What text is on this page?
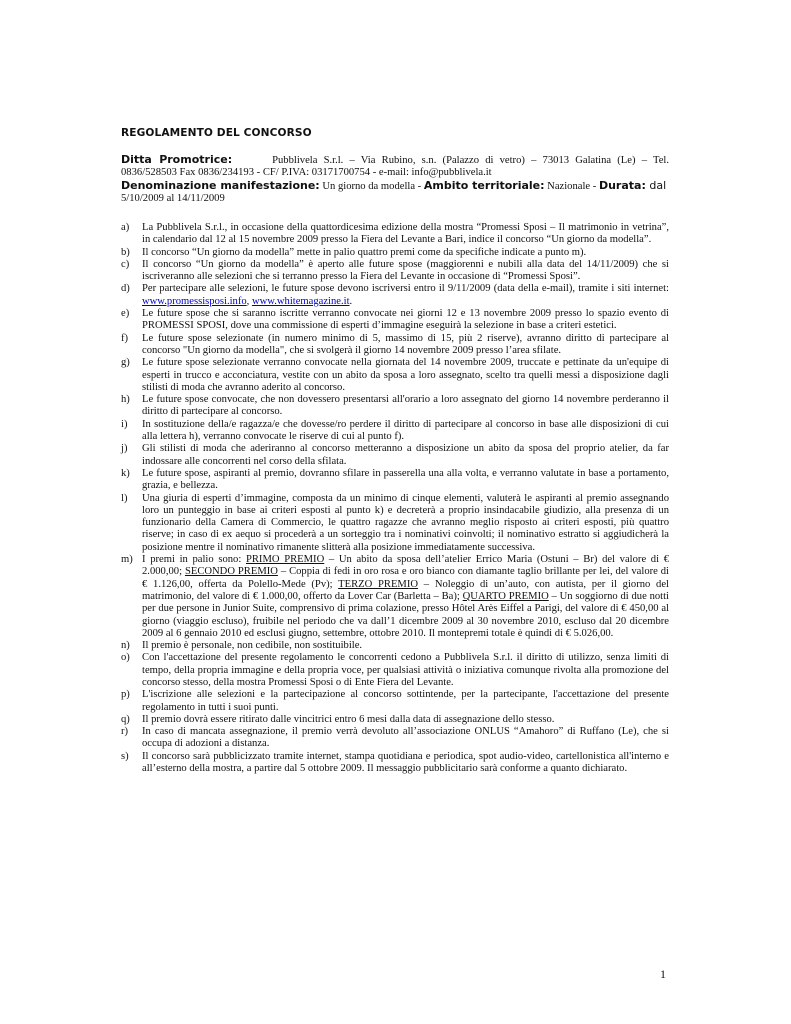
REGOLAMENTO DEL CONCORSO

Ditta Promotrice:	Pubblivela S.r.l. – Via Rubino, s.n. (Palazzo di vetro) – 73013 Galatina (Le) – Tel. 0836/528503 Fax 0836/234193 - CF/ P.IVA: 03171700754 - e-mail: info@pubblivela.it

Denominazione manifestazione: Un giorno da modella - Ambito territoriale: Nazionale - Durata: dal
5/10/2009 al 14/11/2009

a)	La Pubblivela S.r.l., in occasione della quattordicesima edizione della mostra “Promessi Sposi – Il matrimonio in vetrina”, in calendario dal 12 al 15 novembre 2009 presso la Fiera del Levante a Bari, indice il concorso “Un giorno da modella”.
b)	Il concorso “Un giorno da modella” mette in palio quattro premi come da specifiche indicate a punto m).
c)	Il concorso “Un giorno da modella” è aperto alle future spose (maggiorenni e nubili alla data del 14/11/2009) che si iscriveranno alle selezioni che si terranno presso la Fiera del Levante in occasione di “Promessi Sposi”.
d)	Per partecipare alle selezioni, le future spose devono iscriversi entro il 9/11/2009 (data della e-mail), tramite i siti internet: www.promessisposi.info, www.whitemagazine.it.
e)	Le future spose che si saranno iscritte verranno convocate nei giorni 12 e 13 novembre 2009 presso lo spazio evento di PROMESSI SPOSI, dove una commissione di esperti d’immagine eseguirà la selezione in base a criteri estetici.
f)	Le future spose selezionate (in numero minimo di 5, massimo di 15, più 2 riserve), avranno diritto di partecipare al concorso "Un giorno da modella", che si svolgerà il giorno 14 novembre 2009 presso l’area sfilate.
g)	Le future spose selezionate verranno convocate nella giornata del 14 novembre 2009, truccate e pettinate da un'equipe di esperti in trucco e acconciatura, vestite con un abito da sposa a loro assegnato, scelto tra quelli messi a disposizione dagli stilisti di moda che avranno aderito al concorso.
h)	Le future spose convocate, che non dovessero presentarsi all'orario a loro assegnato del giorno 14 novembre perderanno il diritto di partecipare al concorso.
i)	In sostituzione della/e ragazza/e che dovesse/ro perdere il diritto di partecipare al concorso in base alle disposizioni di cui alla lettera h), verranno convocate le riserve di cui al punto f).
j)	Gli stilisti di moda che aderiranno al concorso metteranno a disposizione un abito da sposa del proprio atelier, da far indossare alle concorrenti nel corso della sfilata.
k)	Le future spose, aspiranti al premio, dovranno sfilare in passerella una alla volta, e verranno valutate in base a portamento, grazia, e bellezza.
l)	Una giuria di esperti d’immagine, composta da un minimo di cinque elementi, valuterà le aspiranti al premio assegnando loro un punteggio in base ai criteri esposti al punto k) e decreterà a proprio insindacabile giudizio, alla presenza di un funzionario della Camera di Commercio, le quattro ragazze che avranno meglio risposto ai criteri esposti, più quattro riserve; in caso di ex aequo si procederà a un sorteggio tra i nominativi coinvolti; il nominativo estratto si aggiudicherà la posizione mentre il nominativo rimanente slitterà alla posizione immediatamente successiva.
m) I premi in palio sono: PRIMO PREMIO – Un abito da sposa dell’atelier Errico Maria (Ostuni – Br) del valore di € 2.000,00; SECONDO PREMIO – Coppia di fedi in oro rosa e oro bianco con diamante taglio brillante per lei, del valore di € 1.126,00, offerta da Polello-Mede (Pv); TERZO PREMIO – Noleggio di un’auto, con autista, per il giorno del matrimonio, del valore di € 1.000,00, offerto da Lover Car (Barletta – Ba); QUARTO PREMIO – Un soggiorno di due notti per due persone in Junior Suite, comprensivo di prima colazione, presso Hôtel Arès Eiffel a Parigi, del valore di € 450,00 al giorno (viaggio escluso), fruibile nel periodo che va dall’1 dicembre 2009 al 30 novembre 2010, escluso dal 20 dicembre 2009 al 6 gennaio 2010 ed esclusi giugno, settembre, ottobre 2010. Il montepremi totale è quindi di € 5.026,00.
n)	Il premio è personale, non cedibile, non sostituibile.
o)	Con l'accettazione del presente regolamento le concorrenti cedono a Pubblivela S.r.l. il diritto di utilizzo, senza limiti di tempo, della propria immagine e della propria voce, per qualsiasi attività o iniziativa comunque rivolta alla promozione del concorso stesso, della mostra Promessi Sposi o di Ente Fiera del Levante.
p)	L'iscrizione alle selezioni e la partecipazione al concorso sottintende, per la partecipante, l'accettazione del presente regolamento in tutti i suoi punti.
q)	Il premio dovrà essere ritirato dalle vincitrici entro 6 mesi dalla data di assegnazione dello stesso.
r)	In caso di mancata assegnazione, il premio verrà devoluto all’associazione ONLUS “Amahoro” di Ruffano (Le), che si occupa di adozioni a distanza.
s)	Il concorso sarà pubblicizzato tramite internet, stampa quotidiana e periodica, spot audio-video, cartellonistica all'interno e all’esterno della mostra, a partire dal 5 ottobre 2009. Il messaggio pubblicitario sarà conforme a quanto dichiarato.
1
